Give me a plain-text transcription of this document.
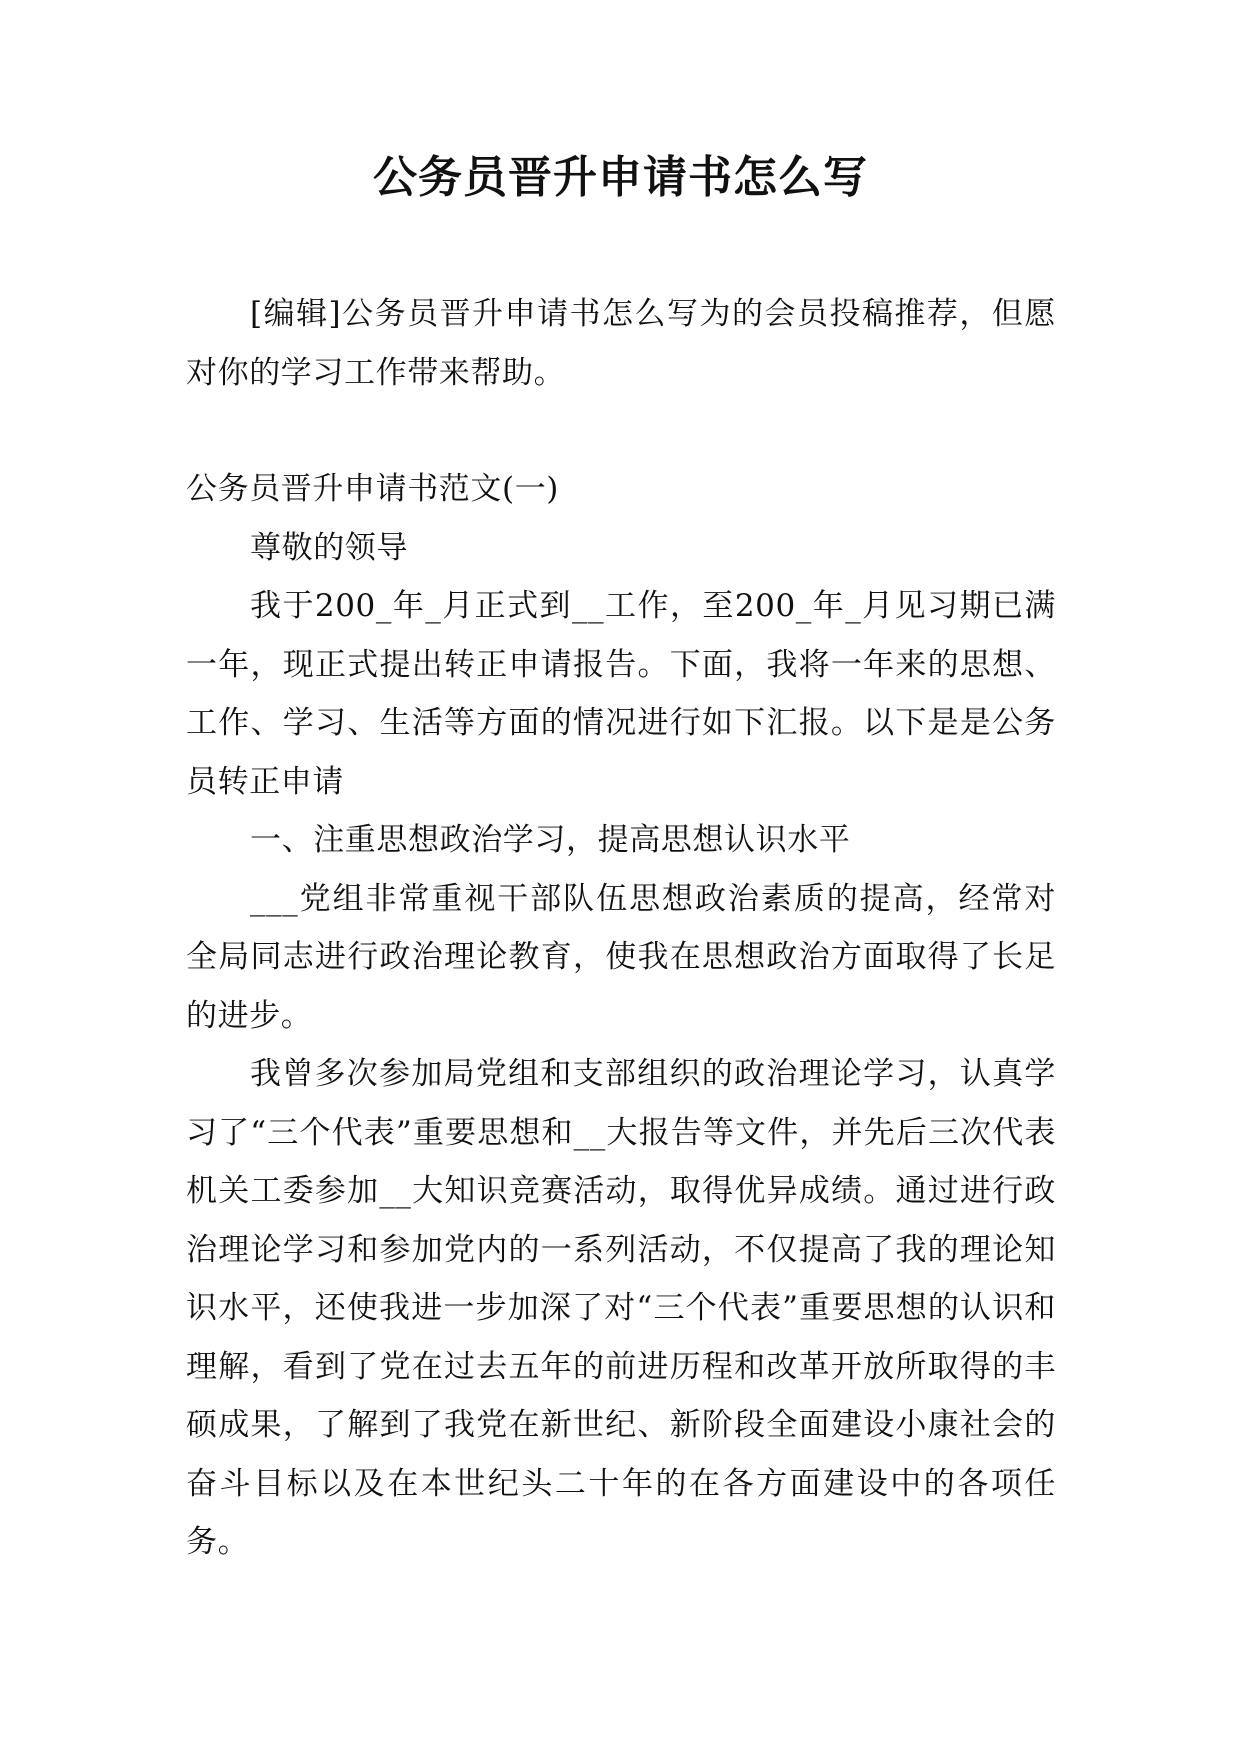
公务员晋升申请书怎么写

[编辑]公务员晋升申请书怎么写为的会员投稿推荐，但愿对你的学习工作带来帮助。

公务员晋升申请书范文(一)

尊敬的领导

我于200_年_月正式到__工作，至200_年_月见习期已满一年，现正式提出转正申请报告。下面，我将一年来的思想、工作、学习、生活等方面的情况进行如下汇报。以下是是公务员转正申请

一、注重思想政治学习，提高思想认识水平

___党组非常重视干部队伍思想政治素质的提高，经常对全局同志进行政治理论教育，使我在思想政治方面取得了长足的进步。

我曾多次参加局党组和支部组织的政治理论学习，认真学习了“三个代表”重要思想和__大报告等文件，并先后三次代表机关工委参加__大知识竞赛活动，取得优异成绩。通过进行政治理论学习和参加党内的一系列活动，不仅提高了我的理论知识水平，还使我进一步加深了对“三个代表”重要思想的认识和理解，看到了党在过去五年的前进历程和改革开放所取得的丰硕成果，了解到了我党在新世纪、新阶段全面建设小康社会的奋斗目标以及在本世纪头二十年的在各方面建设中的各项任务。
